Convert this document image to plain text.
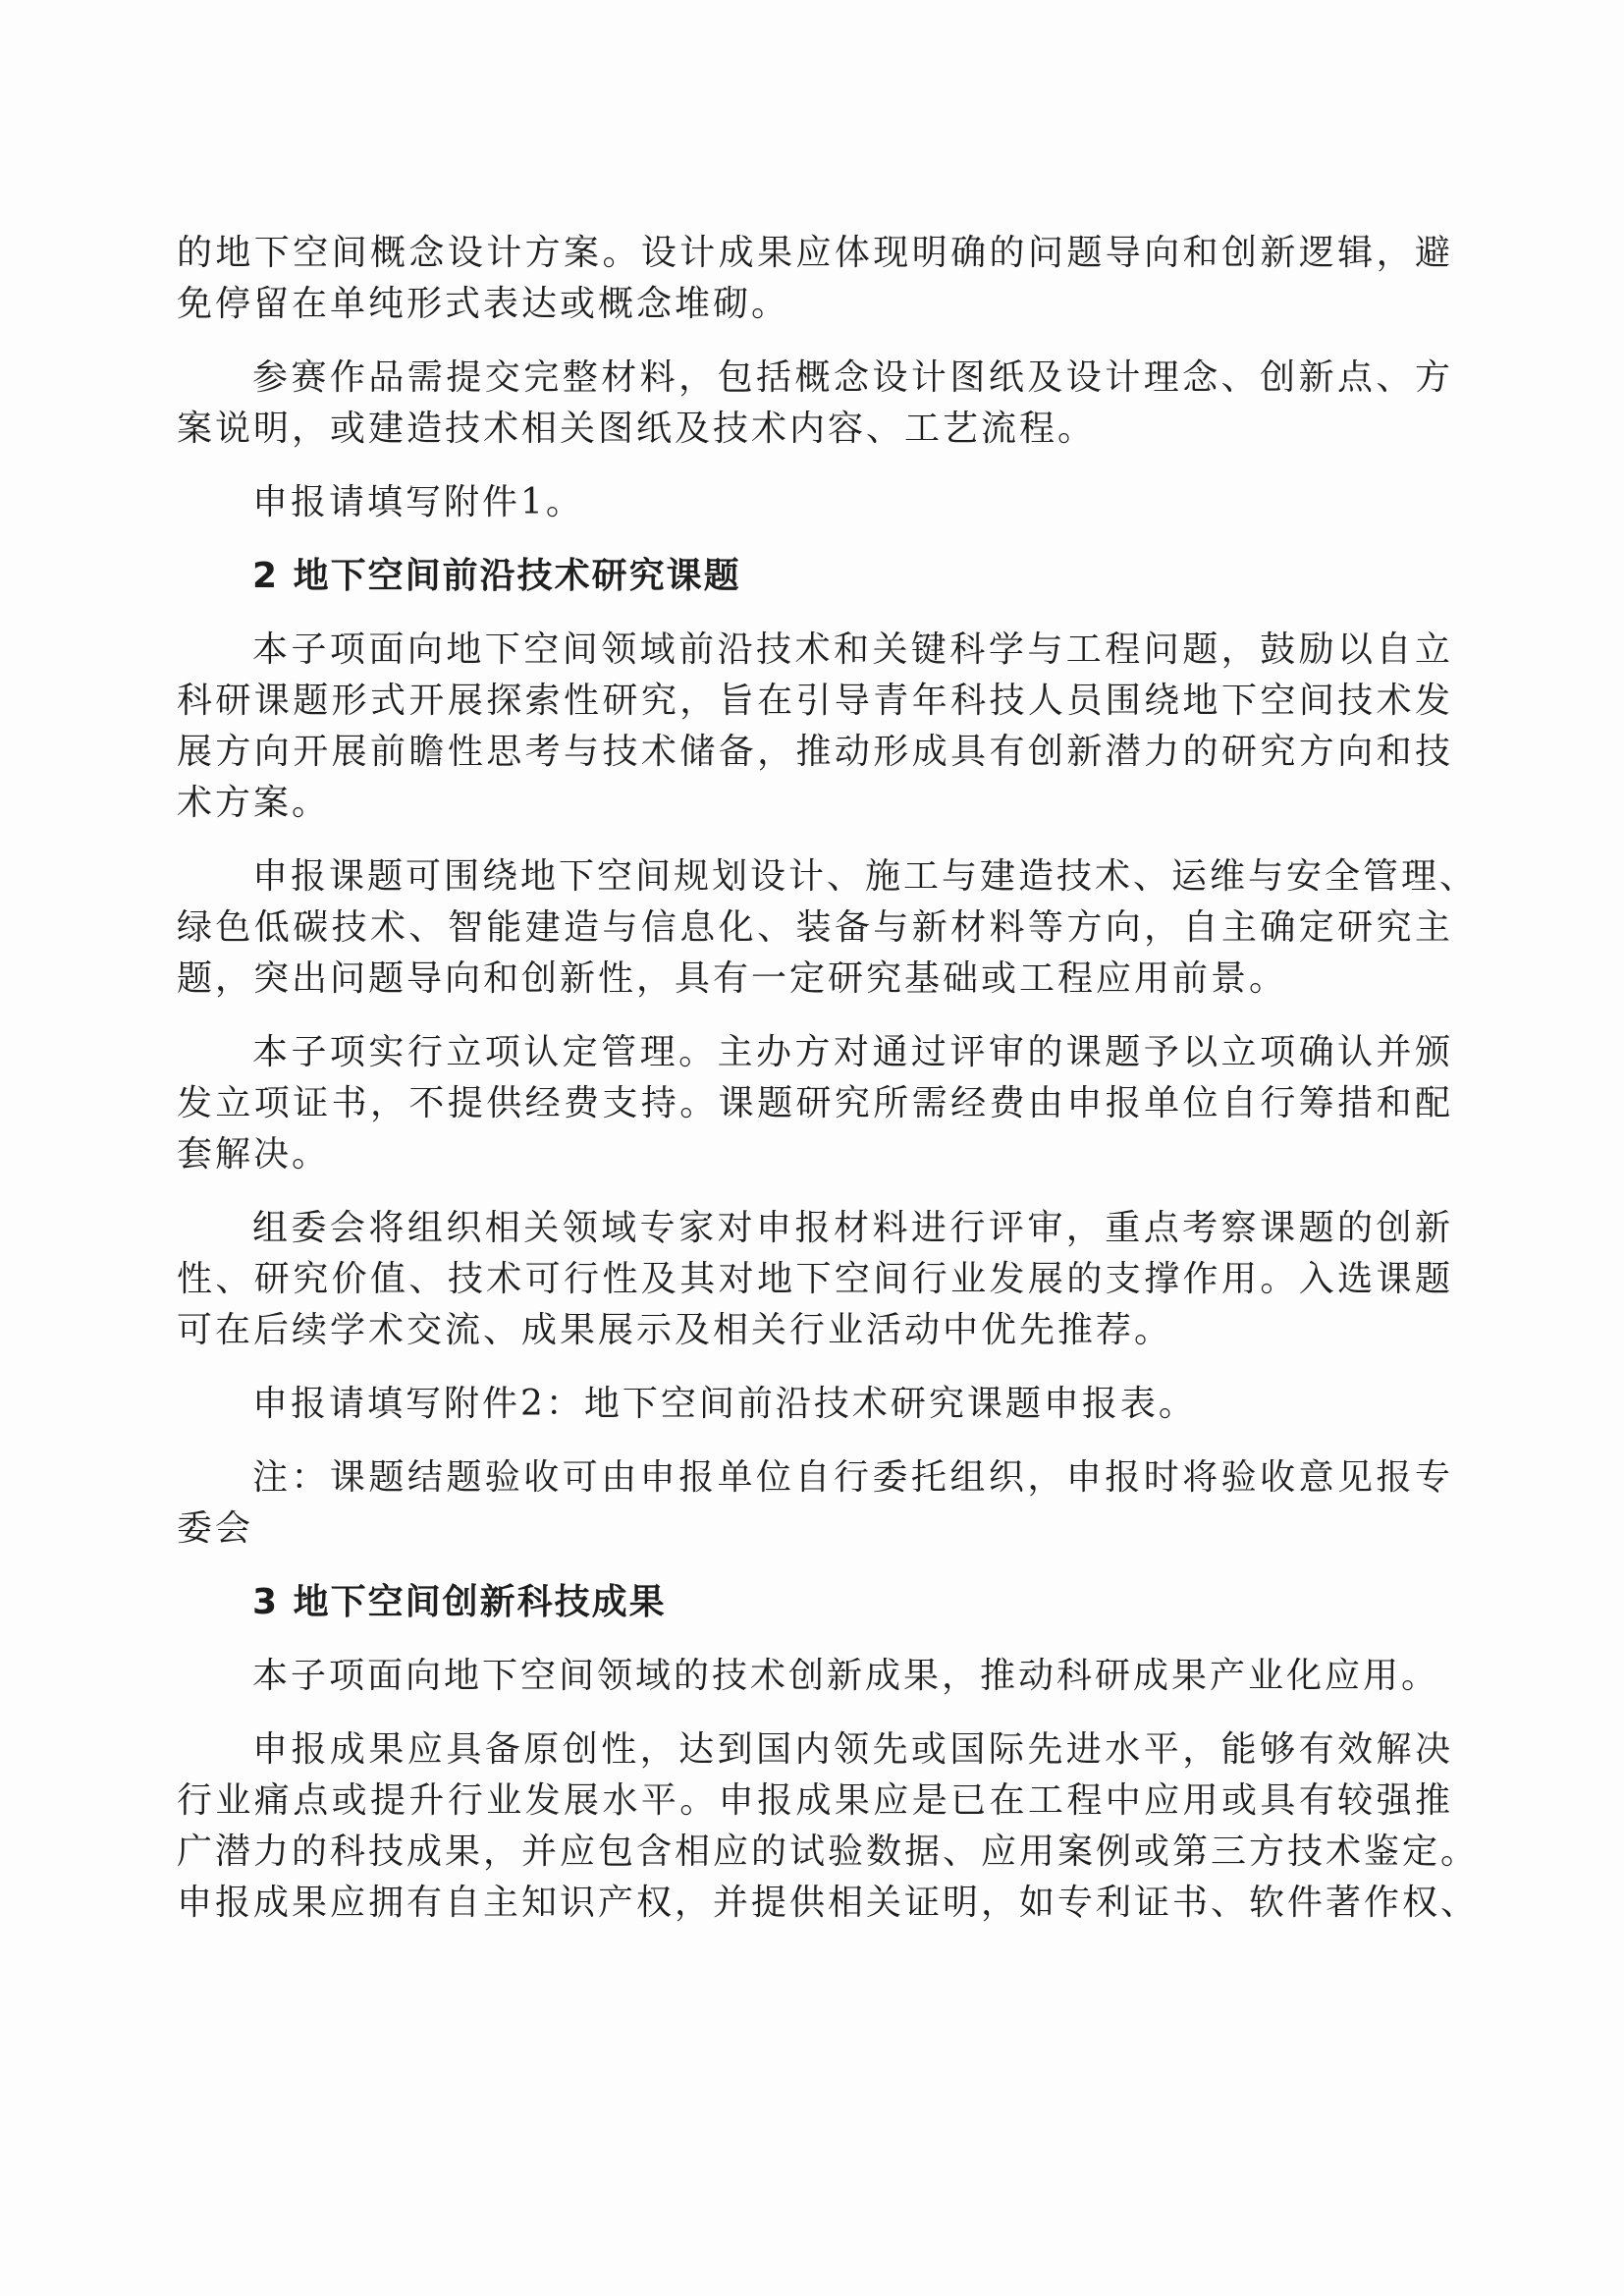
的地下空间概念设计方案。设计成果应体现明确的问题导向和创新逻辑，避
免停留在单纯形式表达或概念堆砌。
参赛作品需提交完整材料，包括概念设计图纸及设计理念、创新点、方
案说明，或建造技术相关图纸及技术内容、工艺流程。
申报请填写附件1。
2 地下空间前沿技术研究课题
本子项面向地下空间领域前沿技术和关键科学与工程问题，鼓励以自立
科研课题形式开展探索性研究，旨在引导青年科技人员围绕地下空间技术发
展方向开展前瞻性思考与技术储备，推动形成具有创新潜力的研究方向和技
术方案。
申报课题可围绕地下空间规划设计、施工与建造技术、运维与安全管理、
绿色低碳技术、智能建造与信息化、装备与新材料等方向，自主确定研究主
题，突出问题导向和创新性，具有一定研究基础或工程应用前景。
本子项实行立项认定管理。主办方对通过评审的课题予以立项确认并颁
发立项证书，不提供经费支持。课题研究所需经费由申报单位自行筹措和配
套解决。
组委会将组织相关领域专家对申报材料进行评审，重点考察课题的创新
性、研究价值、技术可行性及其对地下空间行业发展的支撑作用。入选课题
可在后续学术交流、成果展示及相关行业活动中优先推荐。
申报请填写附件2：地下空间前沿技术研究课题申报表。
注：课题结题验收可由申报单位自行委托组织，申报时将验收意见报专
委会
3 地下空间创新科技成果
本子项面向地下空间领域的技术创新成果，推动科研成果产业化应用。
申报成果应具备原创性，达到国内领先或国际先进水平，能够有效解决
行业痛点或提升行业发展水平。申报成果应是已在工程中应用或具有较强推
广潜力的科技成果，并应包含相应的试验数据、应用案例或第三方技术鉴定。
申报成果应拥有自主知识产权，并提供相关证明，如专利证书、软件著作权、
